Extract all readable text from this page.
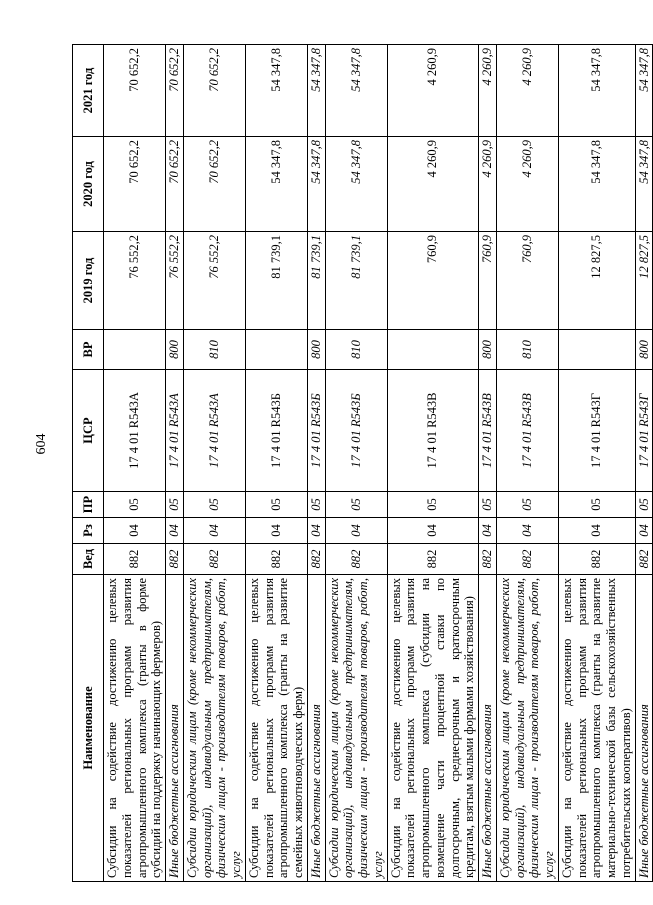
604
Наименование	Вед	Рз	ПР	ЦСР	ВР	2019 год	2020 год	2021 год
Субсидии на содействие достижению целевых показателей региональных программ развития агропромышленного комплекса (гранты в форме субсидий на поддержку начинающих фермеров)	882	04	05	17 4 01 R543А		76 552,2	70 652,2	70 652,2
Иные бюджетные ассигнования	882	04	05	17 4 01 R543А	800	76 552,2	70 652,2	70 652,2
Субсидии юридическим лицам (кроме некоммерческих организаций), индивидуальным предпринимателям, физическим лицам - производителям товаров, работ, услуг	882	04	05	17 4 01 R543А	810	76 552,2	70 652,2	70 652,2
Субсидии на содействие достижению целевых показателей региональных программ развития агропромышленного комплекса (гранты на развитие семейных животноводческих ферм)	882	04	05	17 4 01 R543Б		81 739,1	54 347,8	54 347,8
Иные бюджетные ассигнования	882	04	05	17 4 01 R543Б	800	81 739,1	54 347,8	54 347,8
Субсидии юридическим лицам (кроме некоммерческих организаций), индивидуальным предпринимателям, физическим лицам - производителям товаров, работ, услуг	882	04	05	17 4 01 R543Б	810	81 739,1	54 347,8	54 347,8
Субсидии на содействие достижению целевых показателей региональных программ развития агропромышленного комплекса (субсидии на возмещение части процентной ставки по долгосрочным, среднесрочным и краткосрочным кредитам, взятым малыми формами хозяйствования)	882	04	05	17 4 01 R543В		760,9	4 260,9	4 260,9
Иные бюджетные ассигнования	882	04	05	17 4 01 R543В	800	760,9	4 260,9	4 260,9
Субсидии юридическим лицам (кроме некоммерческих организаций), индивидуальным предпринимателям, физическим лицам - производителям товаров, работ, услуг	882	04	05	17 4 01 R543В	810	760,9	4 260,9	4 260,9
Субсидии на содействие достижению целевых показателей региональных программ развития агропромышленного комплекса (гранты на развитие материально-технической базы сельскохозяйственных потребительских кооперативов)	882	04	05	17 4 01 R543Г		12 827,5	54 347,8	54 347,8
Иные бюджетные ассигнования	882	04	05	17 4 01 R543Г	800	12 827,5	54 347,8	54 347,8
